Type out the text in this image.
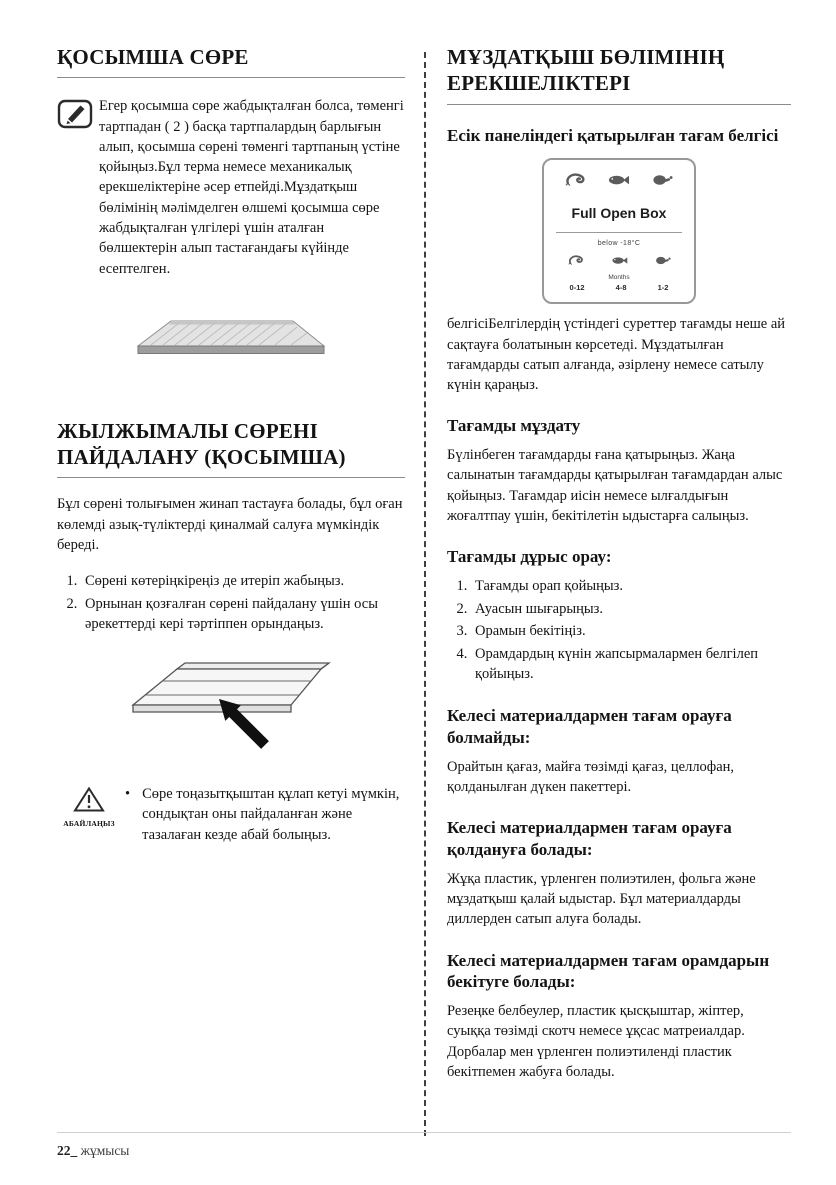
ҚОСЫМША СӨРЕ

Егер қосымша сөре жабдықталған болса, төменгі тартпадан ( 2 ) басқа тартпалардың барлығын алып, қосымша сөрені төменгі тартпаның үстіне қойыңыз.Бұл терма немесе механикалық ерекшеліктеріне әсер етпейді.Мұздатқыш бөлімінің мәлімделген өлшемі қосымша сөре жабдықталған үлгілері үшін аталған бөлшектерін алып тастағандағы күйінде есептелген.

ЖЫЛЖЫМАЛЫ СӨРЕНІ ПАЙДАЛАНУ (ҚОСЫМША)

Бұл сөрені толығымен жинап тастауға болады, бұл оған көлемді азық-түліктерді қиналмай салуға мүмкіндік береді.

1. Сөрені көтеріңкіреңіз де итеріп жабыңыз.
2. Орнынан қозғалған сөрені пайдалану үшін осы әрекеттерді кері тәртіппен орындаңыз.
АБАЙЛАҢЫЗ
• Сөре тоңазытқыштан құлап кетуі мүмкін, сондықтан оны пайдаланған және тазалаған кезде абай болыңыз.
МҰЗДАТҚЫШ БӨЛІМІНІҢ ЕРЕКШЕЛІКТЕРІ
Есік панеліндегі қатырылған тағам белгісі
Full Open Box
below -18°C
Months
0-12	4-8	1-2

белгісіБелгілердің үстіндегі суреттер тағамды неше ай сақтауға болатынын көрсетеді. Мұздатылған тағамдарды сатып алғанда, әзірлену немесе сатылу күнін қараңыз.

Тағамды мұздату

Бүлінбеген тағамдарды ғана қатырыңыз. Жаңа салынатын тағамдарды қатырылған тағамдардан алыс қойыңыз. Тағамдар иісін немесе ылғалдығын жоғалтпау үшін, бекітілетін ыдыстарға салыңыз.

Тағамды дұрыс орау:
1. Тағамды орап қойыңыз.
2. Ауасын шығарыңыз.
3. Орамын бекітіңіз.
4. Орамдардың күнін жапсырмалармен белгілеп қойыңыз.
Келесі материалдармен тағам орауға болмайды:

Орайтын қағаз, майға төзімді қағаз, целлофан, қолданылған дүкен пакеттері.

Келесі материалдармен тағам орауға қолдануға болады:

Жұқа пластик, үрленген полиэтилен, фольга және мұздатқыш қалай ыдыстар. Бұл материалдарды диллерден сатып алуға болады.

Келесі материалдармен тағам орамдарын бекітуге болады:

Резеңке белбеулер, пластик қысқыштар, жіптер, суыққа төзімді скотч немесе ұқсас матреиалдар. Дорбалар мен үрленген полиэтиленді пластик бекітпемен жабуға болады.

22_ жұмысы
